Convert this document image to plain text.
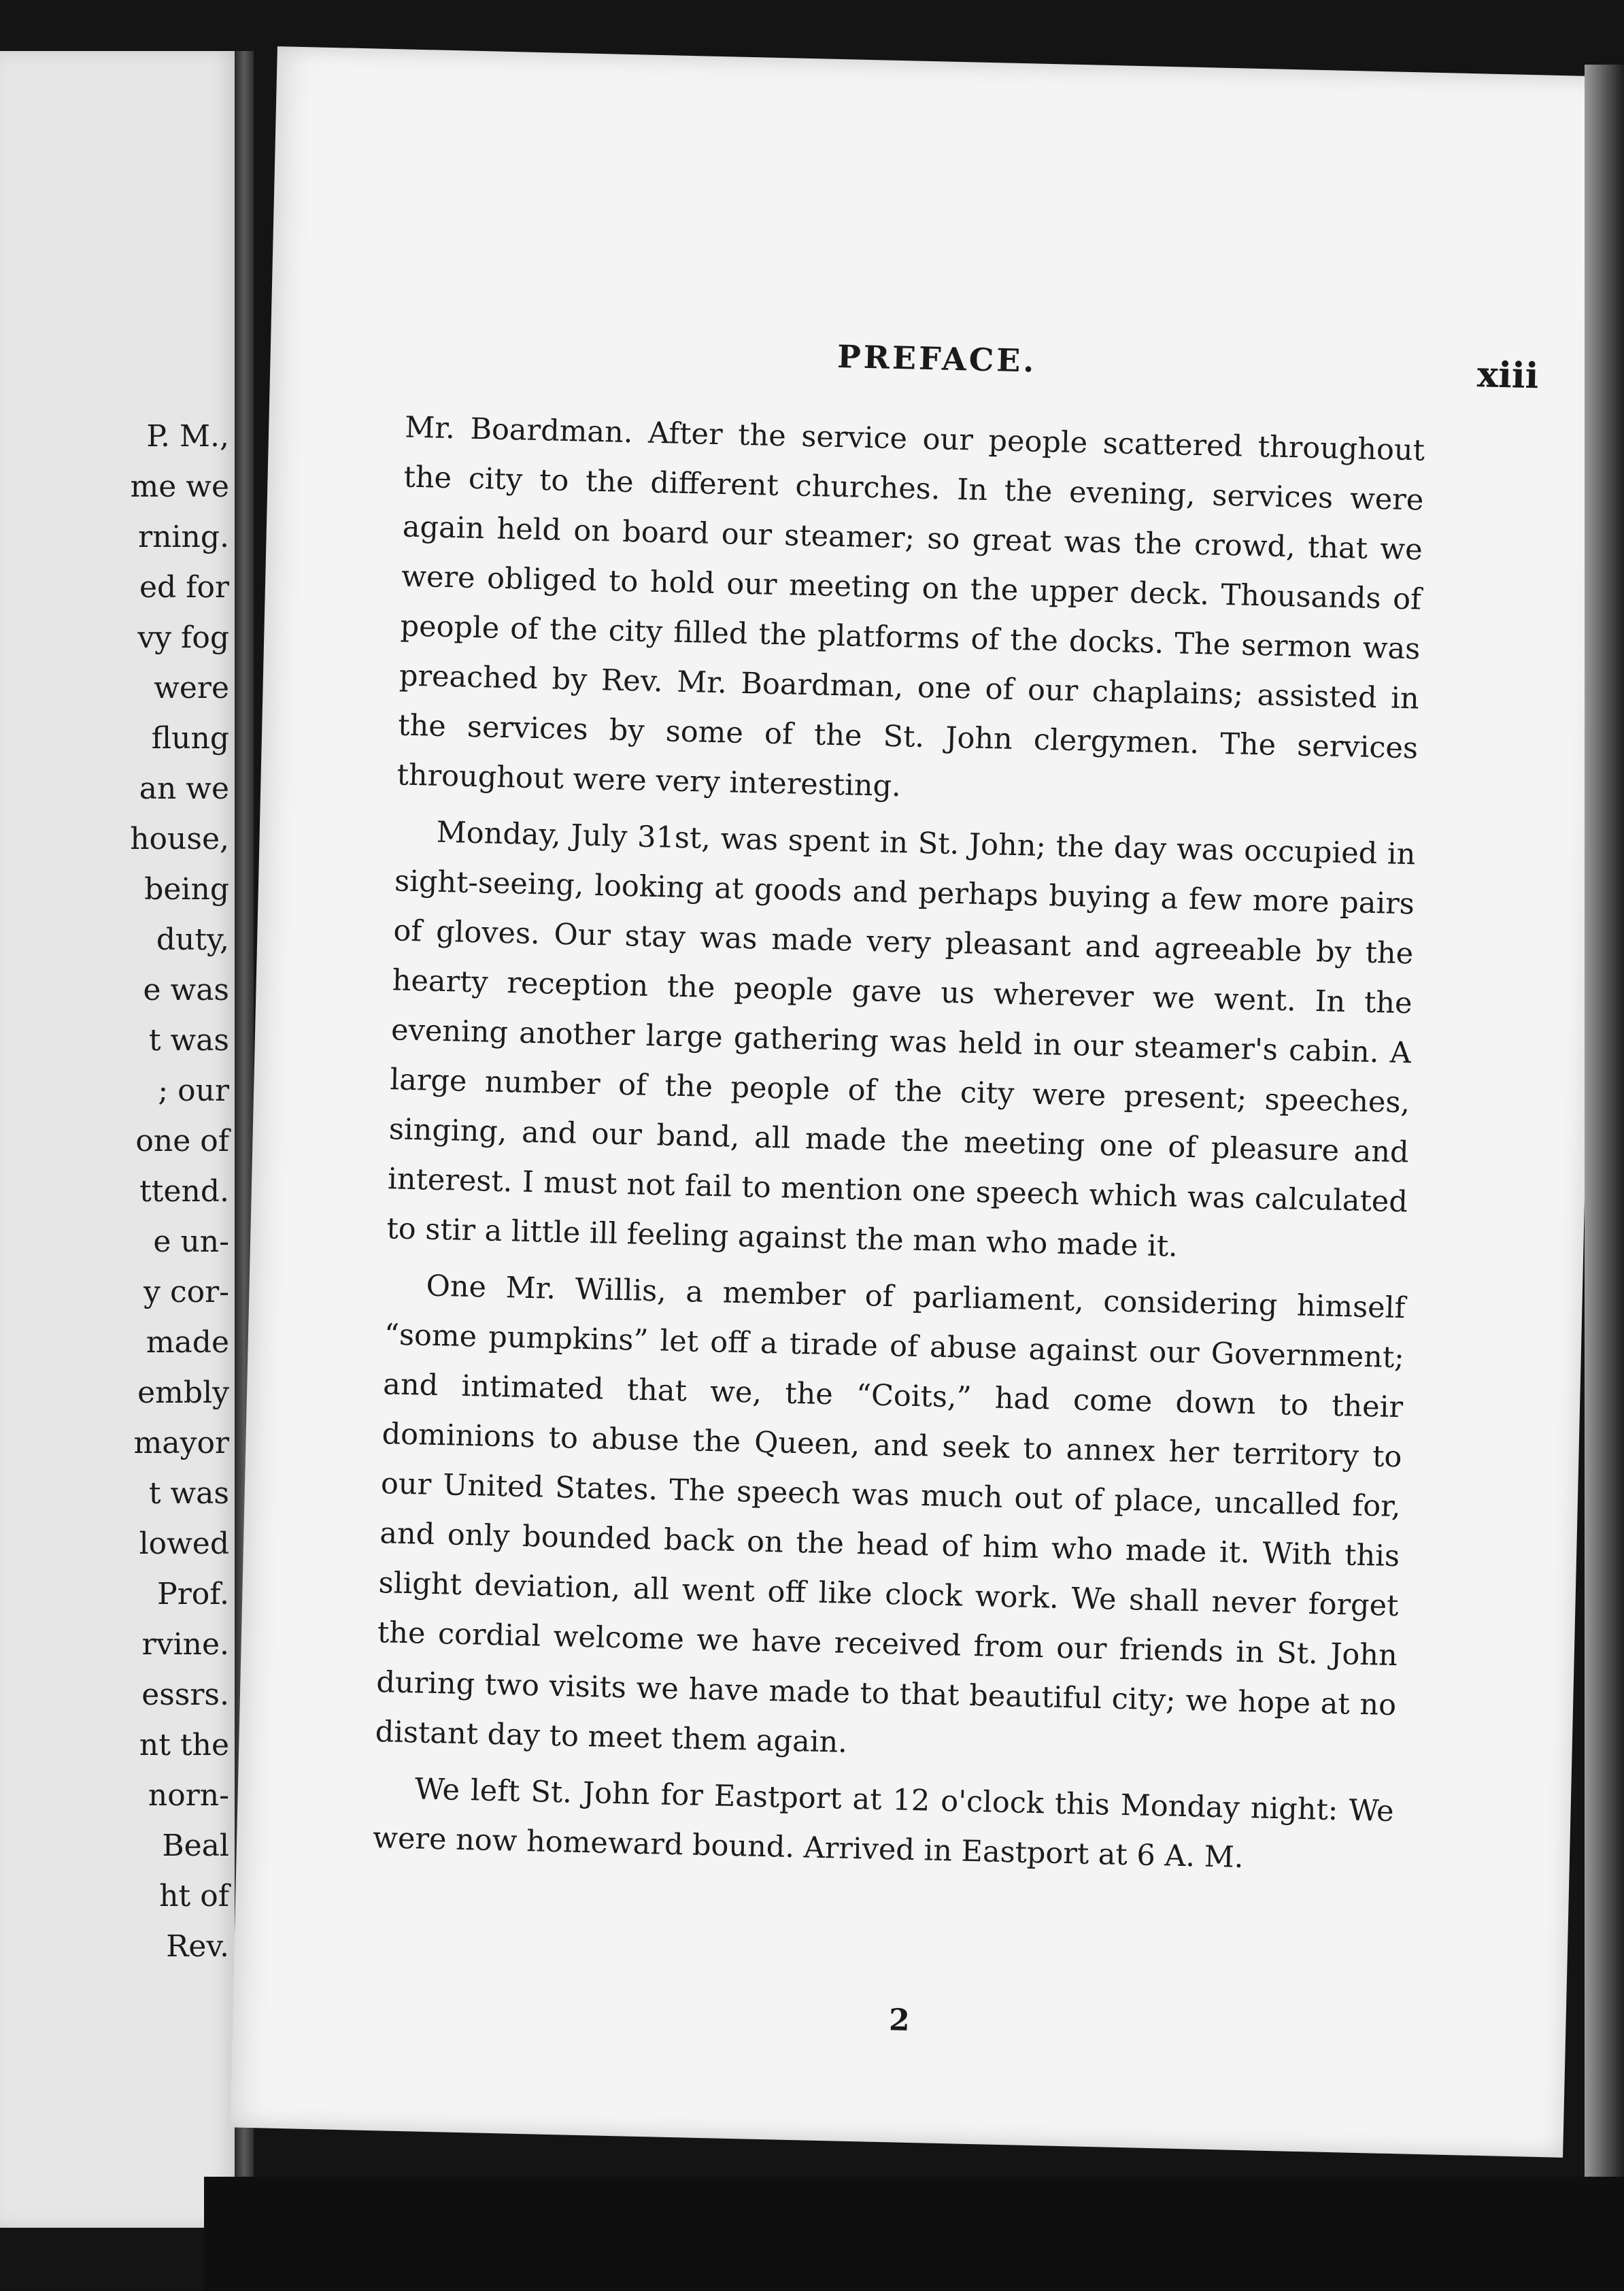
P. M.,
me we
rning.
ed for
vy fog
were
flung
an we
house,
being
duty,
e was
t was
; our
one of
ttend.
e un-
y cor-
made
embly
mayor
t was
lowed
Prof.
rvine.
essrs.
nt the
norn-
Beal
ht of
Rev.
PREFACE.	xiii

Mr. Boardman. After the service our people scattered throughout the city to the different churches. In the evening, services were again held on board our steamer; so great was the crowd, that we were obliged to hold our meeting on the upper deck. Thousands of people of the city filled the platforms of the docks. The sermon was preached by Rev. Mr. Boardman, one of our chaplains; assisted in the services by some of the St. John clergymen. The services throughout were very interesting.

Monday, July 31st, was spent in St. John; the day was occupied in sight-seeing, looking at goods and perhaps buying a few more pairs of gloves. Our stay was made very pleasant and agreeable by the hearty reception the people gave us wherever we went. In the evening another large gathering was held in our steamer's cabin. A large number of the people of the city were present; speeches, singing, and our band, all made the meeting one of pleasure and interest. I must not fail to mention one speech which was calculated to stir a little ill feeling against the man who made it.

One Mr. Willis, a member of parliament, considering himself “some pumpkins” let off a tirade of abuse against our Government; and intimated that we, the “Coits,” had come down to their dominions to abuse the Queen, and seek to annex her territory to our United States. The speech was much out of place, uncalled for, and only bounded back on the head of him who made it. With this slight deviation, all went off like clock work. We shall never forget the cordial welcome we have received from our friends in St. John during two visits we have made to that beautiful city; we hope at no distant day to meet them again.

We left St. John for Eastport at 12 o'clock this Monday night: We were now homeward bound. Arrived in Eastport at 6 A. M.

2
